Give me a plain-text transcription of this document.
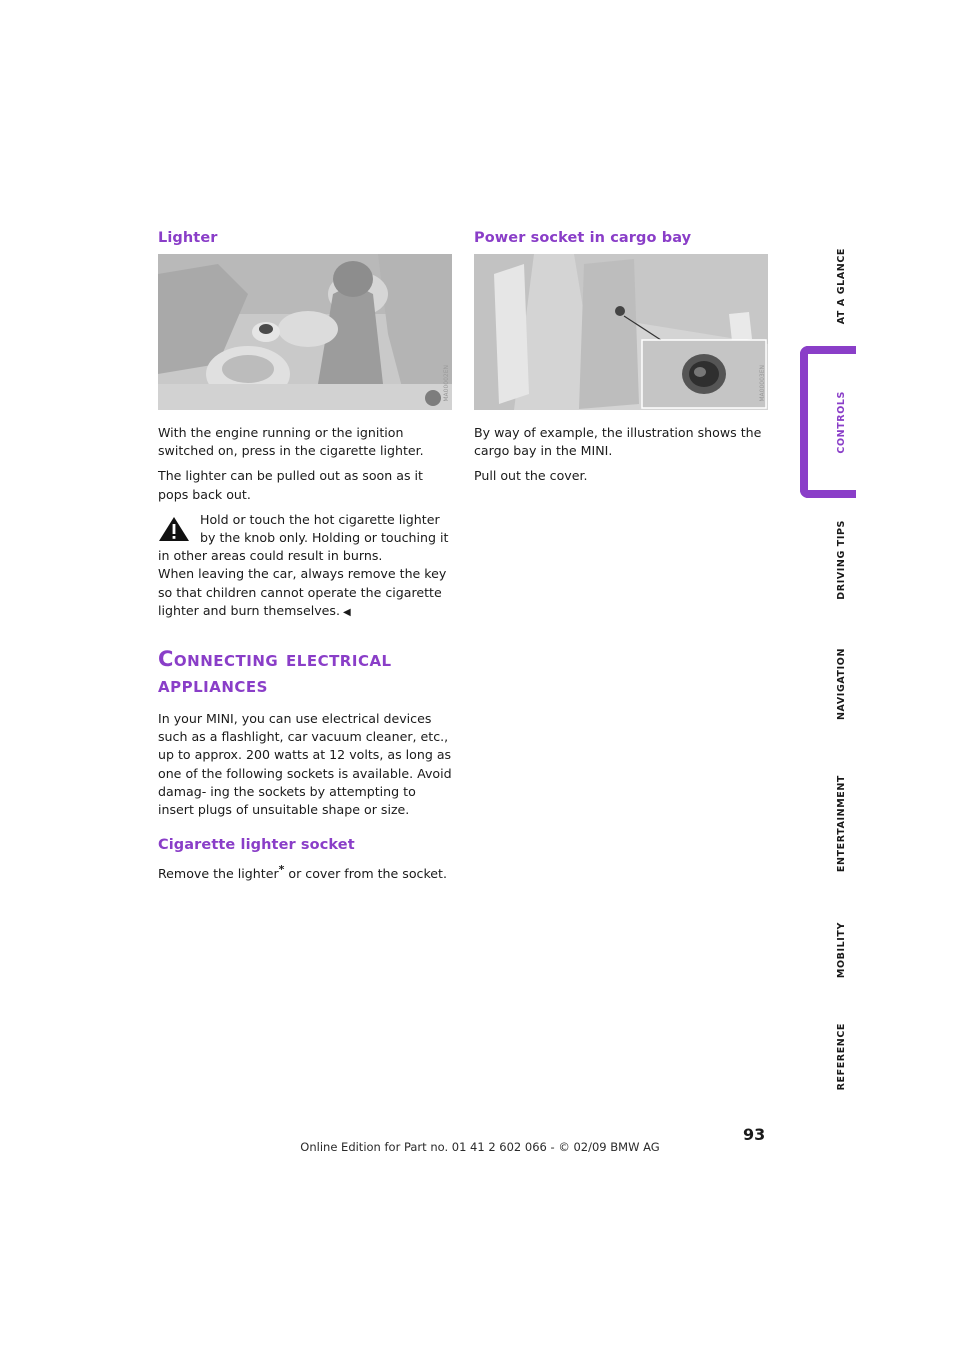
Lighter
MA00002EN

With the engine running or the ignition switched on, press in the cigarette lighter.

The lighter can be pulled out as soon as it pops back out.

Hold or touch the hot cigarette lighter by the knob only. Holding or touching it in other areas could result in burns.
When leaving the car, always remove the key so that children cannot operate the cigarette lighter and burn themselves. ◀
Connecting electrical appliances

In your MINI, you can use electrical devices such as a flashlight, car vacuum cleaner, etc., up to approx. 200 watts at 12 volts, as long as one of the following sockets is available. Avoid damag- ing the sockets by attempting to insert plugs of unsuitable shape or size.

Cigarette lighter socket

Remove the lighter* or cover from the socket.

Power socket in cargo bay
MA00003EN

By way of example, the illustration shows the cargo bay in the MINI.

Pull out the cover.

AT A GLANCE
CONTROLS
DRIVING TIPS
NAVIGATION
ENTERTAINMENT
MOBILITY
REFERENCE
93
Online Edition for Part no. 01 41 2 602 066 - © 02/09 BMW AG
